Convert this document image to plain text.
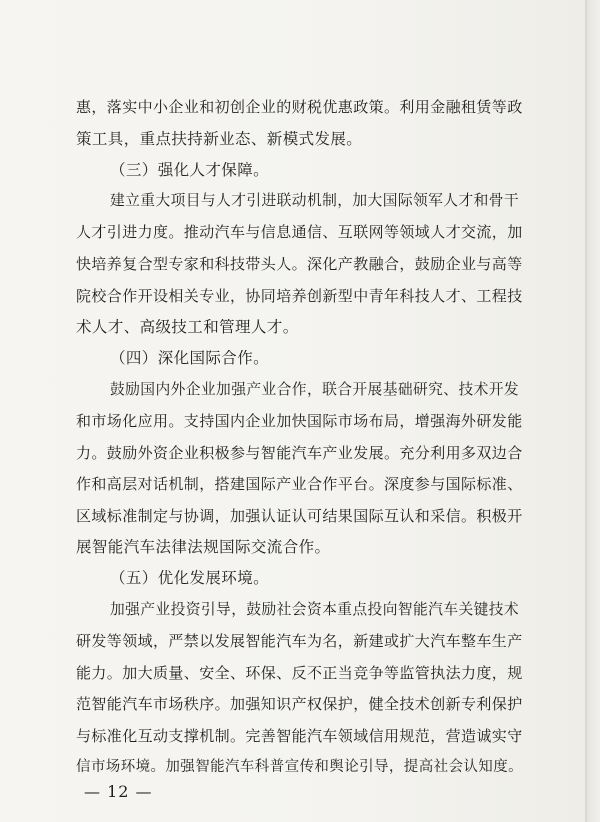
惠，落实中小企业和初创企业的财税优惠政策。利用金融租赁等政
策工具，重点扶持新业态、新模式发展。
（三）强化人才保障。
建立重大项目与人才引进联动机制，加大国际领军人才和骨干
人才引进力度。推动汽车与信息通信、互联网等领域人才交流，加
快培养复合型专家和科技带头人。深化产教融合，鼓励企业与高等
院校合作开设相关专业，协同培养创新型中青年科技人才、工程技
术人才、高级技工和管理人才。
（四）深化国际合作。
鼓励国内外企业加强产业合作，联合开展基础研究、技术开发
和市场化应用。支持国内企业加快国际市场布局，增强海外研发能
力。鼓励外资企业积极参与智能汽车产业发展。充分利用多双边合
作和高层对话机制，搭建国际产业合作平台。深度参与国际标准、
区域标准制定与协调，加强认证认可结果国际互认和采信。积极开
展智能汽车法律法规国际交流合作。
（五）优化发展环境。
加强产业投资引导，鼓励社会资本重点投向智能汽车关键技术
研发等领域，严禁以发展智能汽车为名，新建或扩大汽车整车生产
能力。加大质量、安全、环保、反不正当竞争等监管执法力度，规
范智能汽车市场秩序。加强知识产权保护，健全技术创新专利保护
与标准化互动支撑机制。完善智能汽车领域信用规范，营造诚实守
信市场环境。加强智能汽车科普宣传和舆论引导，提高社会认知度。
— 12 —
